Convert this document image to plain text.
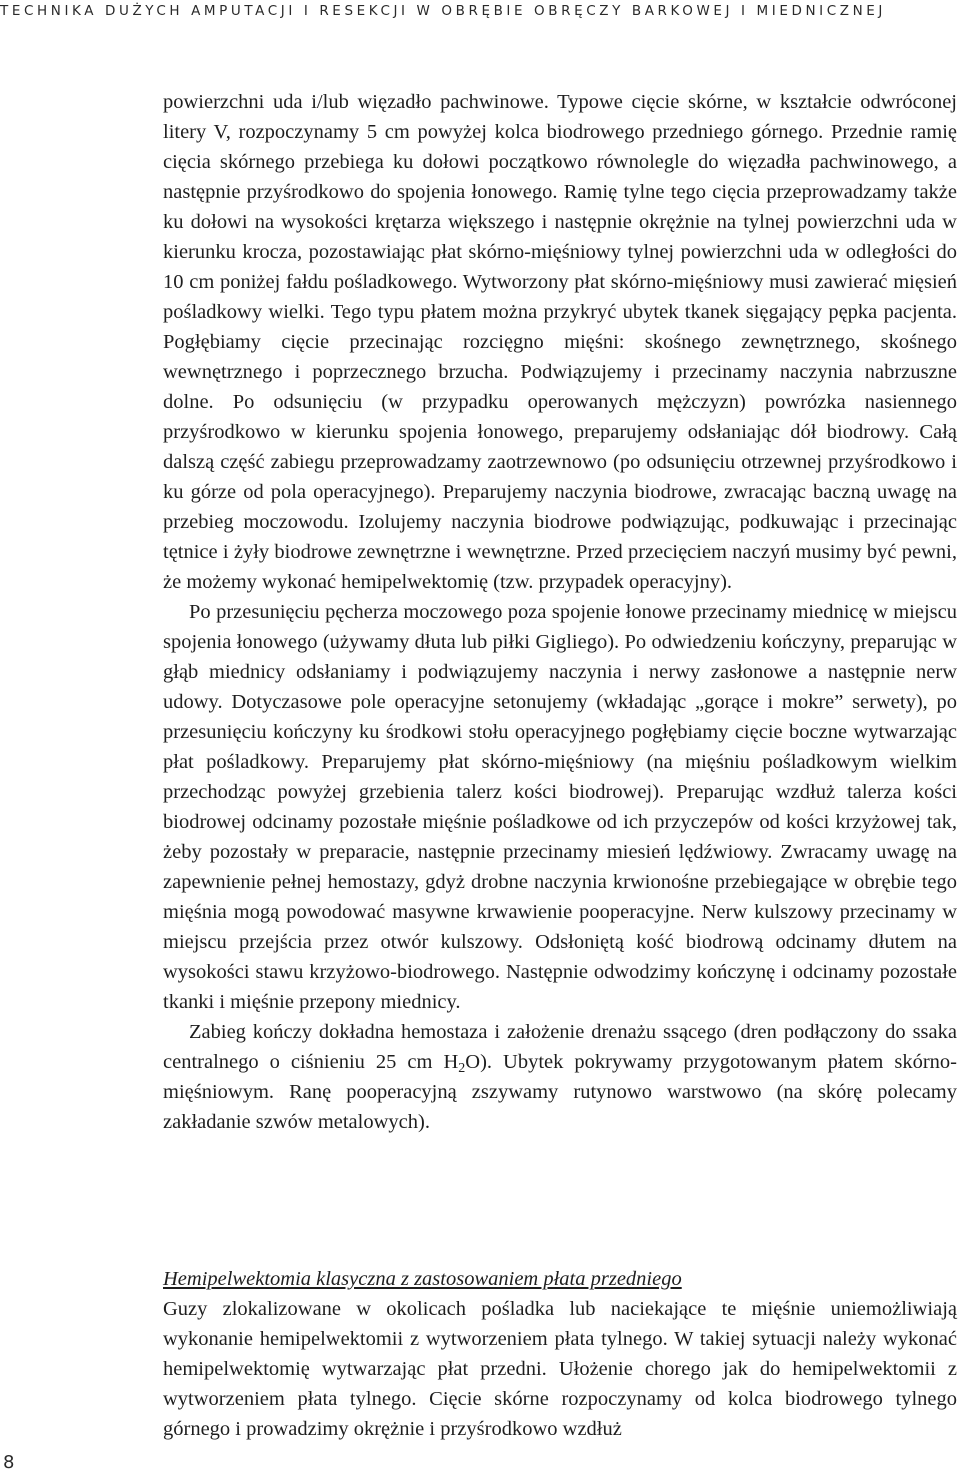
TECHNIKA DUŻYCH AMPUTACJI I RESEKCJI W OBRĘBIE OBRĘCZY BARKOWEJ I MIEDNICZNEJ

powierzchni uda i/lub więzadło pachwinowe. Typowe cięcie skórne, w kształcie odwróconej litery V, rozpoczynamy 5 cm powyżej kolca biodrowego przedniego górnego. Przednie ramię cięcia skórnego przebiega ku dołowi początkowo równolegle do więzadła pachwinowego, a następnie przyśrodkowo do spojenia łonowego. Ramię tylne tego cięcia przeprowadzamy także ku dołowi na wysokości krętarza większego i następnie okrężnie na tylnej powierzchni uda w kierunku krocza, pozostawiając płat skórno-mięśniowy tylnej powierzchni uda w odległości do 10 cm poniżej fałdu pośladkowego. Wytworzony płat skórno-mięśniowy musi zawierać mięsień pośladkowy wielki. Tego typu płatem można przykryć ubytek tkanek sięgający pępka pacjenta. Pogłębiamy cięcie przecinając rozcięgno mięśni: skośnego zewnętrznego, skośnego wewnętrznego i poprzecznego brzucha. Podwiązujemy i przecinamy naczynia nabrzuszne dolne. Po odsunięciu (w przypadku operowanych mężczyzn) powrózka nasiennego przyśrodkowo w kierunku spojenia łonowego, preparujemy odsłaniając dół biodrowy. Całą dalszą część zabiegu przeprowadzamy zaotrzewnowo (po odsunięciu otrzewnej przyśrodkowo i ku górze od pola operacyjnego). Preparujemy naczynia biodrowe, zwracając baczną uwagę na przebieg moczowodu. Izolujemy naczynia biodrowe podwiązując, podkuwając i przecinając tętnice i żyły biodrowe zewnętrzne i wewnętrzne. Przed przecięciem naczyń musimy być pewni, że możemy wykonać hemipelwektomię (tzw. przypadek operacyjny).

Po przesunięciu pęcherza moczowego poza spojenie łonowe przecinamy miednicę w miejscu spojenia łonowego (używamy dłuta lub piłki Gigliego). Po odwiedzeniu kończyny, preparując w głąb miednicy odsłaniamy i podwiązujemy naczynia i nerwy zasłonowe a następnie nerw udowy. Dotyczasowe pole operacyjne setonujemy (wkładając „gorące i mokre” serwety), po przesunięciu kończyny ku środkowi stołu operacyjnego pogłębiamy cięcie boczne wytwarzając płat pośladkowy. Preparujemy płat skórno-mięśniowy (na mięśniu pośladkowym wielkim przechodząc powyżej grzebienia talerz kości biodrowej). Preparując wzdłuż talerza kości biodrowej odcinamy pozostałe mięśnie pośladkowe od ich przyczepów od kości krzyżowej tak, żeby pozostały w preparacie, następnie przecinamy miesień lędźwiowy. Zwracamy uwagę na zapewnienie pełnej hemostazy, gdyż drobne naczynia krwionośne przebiegające w obrębie tego mięśnia mogą powodować masywne krwawienie pooperacyjne. Nerw kulszowy przecinamy w miejscu przejścia przez otwór kulszowy. Odsłoniętą kość biodrową odcinamy dłutem na wysokości stawu krzyżowo-biodrowego. Następnie odwodzimy kończynę i odcinamy pozostałe tkanki i mięśnie przepony miednicy.

Zabieg kończy dokładna hemostaza i założenie drenażu ssącego (dren podłączony do ssaka centralnego o ciśnieniu 25 cm $H_2O$). Ubytek pokrywamy przygotowanym płatem skórno-mięśniowym. Ranę pooperacyjną zszywamy rutynowo warstwowo (na skórę polecamy zakładanie szwów metalowych).

Hemipelwektomia klasyczna z zastosowaniem płata przedniego

Guzy zlokalizowane w okolicach pośladka lub naciekające te mięśnie uniemożliwiają wykonanie hemipelwektomii z wytworzeniem płata tylnego. W takiej sytuacji należy wykonać hemipelwektomię wytwarzając płat przedni. Ułożenie chorego jak do hemipelwektomii z wytworzeniem płata tylnego. Cięcie skórne rozpoczynamy od kolca biodrowego tylnego górnego i prowadzimy okrężnie i przyśrodkowo wzdłuż

8
